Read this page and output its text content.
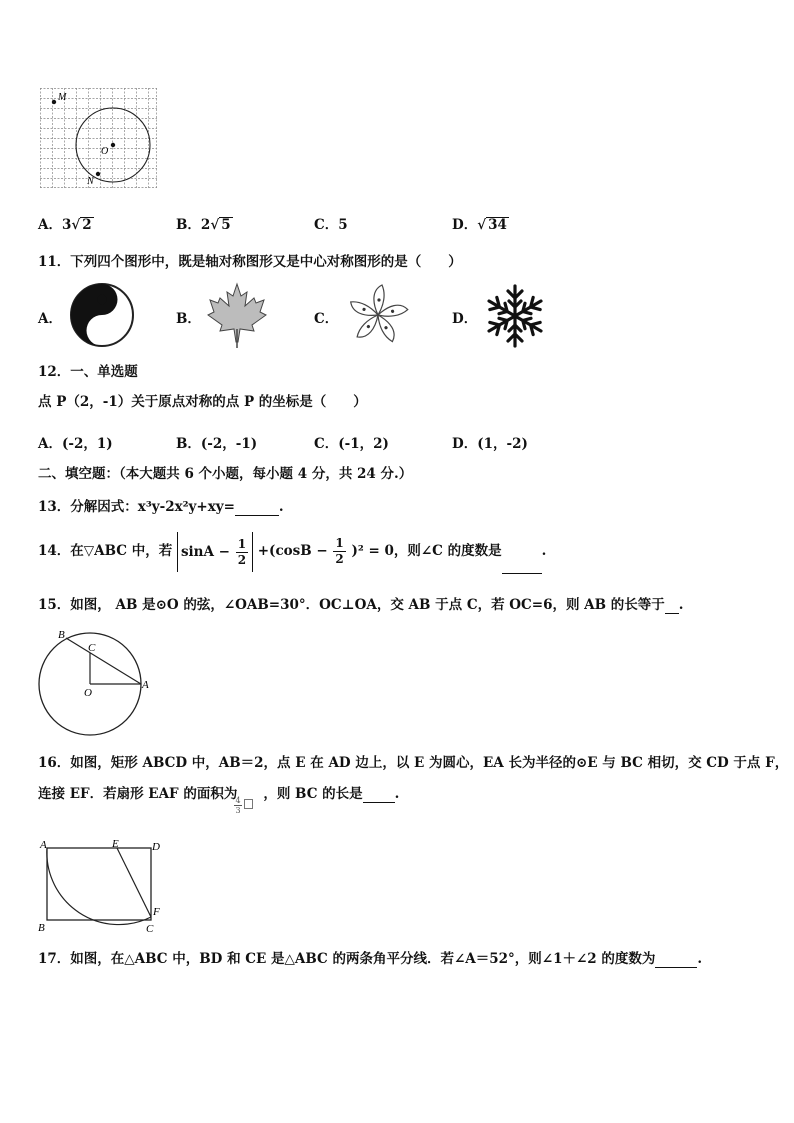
M
O
N
A．3√ 2	B．2√ 5	C．5	D．√ 34
11．下列四个图形中，既是轴对称图形又是中心对称图形的是（　　）
A．	B．	C．	D．
12．一、单选题
点 P（2，-1）关于原点对称的点 P 的坐标是（　　）
A．(-2，1)	B．(-2，-1)	C．(-1，2)	D．(1，-2)
二、填空题：（本大题共 6 个小题，每小题 4 分，共 24 分.）
13．分解因式：x³y-2x²y+xy=	.
14．在▽ABC 中，若 $\sin A - \frac{1}{2} +(\cos B - \frac{1}{2} )^2 = 0$，则∠C 的度数是	.
15．如图， AB 是⊙O 的弦，∠OAB=30°．OC⊥OA，交 AB 于点 C，若 OC=6，则 AB 的长等于 .
B
C
O
A
16．如图，矩形 ABCD 中，AB＝2，点 E 在 AD 边上，以 E 为圆心，EA 长为半径的⊙E 与 BC 相切，交 CD 于点 F，
连接 EF．若扇形 EAF 的面积为 ，则 BC 的长是 .
4
3
A	E	D
B	C
F
17．如图，在△ABC 中，BD 和 CE 是△ABC 的两条角平分线．若∠A＝52°，则∠1＋∠2 的度数为	.
